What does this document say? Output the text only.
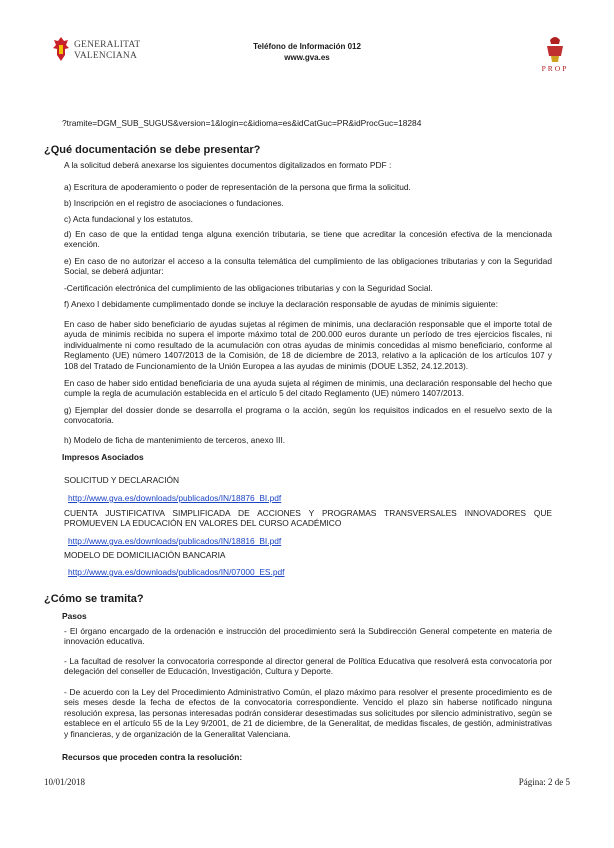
GENERALITAT
VALENCIANA
Teléfono de Información 012
www.gva.es
PROP
?tramite=DGM_SUB_SUGUS&version=1&login=c&idioma=es&idCatGuc=PR&idProcGuc=18284
¿Qué documentación se debe presentar?
A la solicitud deberá anexarse los siguientes documentos digitalizados en formato PDF :
a) Escritura de apoderamiento o poder de representación de la persona que firma la solicitud.
b) Inscripción en el registro de asociaciones o fundaciones.
c) Acta fundacional y los estatutos.
d) En caso de que la entidad tenga alguna exención tributaria, se tiene que acreditar la concesión efectiva de la mencionada exención.
e) En caso de no autorizar el acceso a la consulta telemática del cumplimiento de las obligaciones tributarias y con la Seguridad Social, se deberá adjuntar:
-Certificación electrónica del cumplimiento de las obligaciones tributarias y con la Seguridad Social.
f) Anexo I debidamente cumplimentado donde se incluye la declaración responsable de ayudas de minimis siguiente:
En caso de haber sido beneficiario de ayudas sujetas al régimen de minimis, una declaración responsable que el importe total de ayuda de minimis recibida no supera el importe máximo total de 200.000 euros durante un período de tres ejercicios fiscales, ni individualmente ni como resultado de la acumulación con otras ayudas de minimis concedidas al mismo beneficiario, conforme al Reglamento (UE) número 1407/2013 de la Comisión, de 18 de diciembre de 2013, relativo a la aplicación de los artículos 107 y 108 del Tratado de Funcionamiento de la Unión Europea a las ayudas de minimis (DOUE L352, 24.12.2013).
En caso de haber sido entidad beneficiaria de una ayuda sujeta al régimen de minimis, una declaración responsable del hecho que cumple la regla de acumulación establecida en el artículo 5 del citado Reglamento (UE) número 1407/2013.
g) Ejemplar del dossier donde se desarrolla el programa o la acción, según los requisitos indicados en el resuelvo sexto de la convocatoria.
h) Modelo de ficha de mantenimiento de terceros, anexo III.
Impresos Asociados
SOLICITUD Y DECLARACIÓN
http://www.gva.es/downloads/publicados/IN/18876_BI.pdf
CUENTA JUSTIFICATIVA SIMPLIFICADA DE ACCIONES Y PROGRAMAS TRANSVERSALES INNOVADORES QUE PROMUEVEN LA EDUCACIÓN EN VALORES DEL CURSO ACADÉMICO
http://www.gva.es/downloads/publicados/IN/18816_BI.pdf
MODELO DE DOMICILIACIÓN BANCARIA
http://www.gva.es/downloads/publicados/IN/07000_ES.pdf
¿Cómo se tramita?
Pasos
- El órgano encargado de la ordenación e instrucción del procedimiento será la Subdirección General competente en materia de innovación educativa.
- La facultad de resolver la convocatoria corresponde al director general de Política Educativa que resolverá esta convocatoria por delegación del conseller de Educación, Investigación, Cultura y Deporte.
- De acuerdo con la Ley del Procedimiento Administrativo Común, el plazo máximo para resolver el presente procedimiento es de seis meses desde la fecha de efectos de la convocatoria correspondiente. Vencido el plazo sin haberse notificado ninguna resolución expresa, las personas interesadas podrán considerar desestimadas sus solicitudes por silencio administrativo, según se establece en el artículo 55 de la Ley 9/2001, de 21 de diciembre, de la Generalitat, de medidas fiscales, de gestión, administrativas y financieras, y de organización de la Generalitat Valenciana.
Recursos que proceden contra la resolución:
10/01/2018	Página: 2 de 5
